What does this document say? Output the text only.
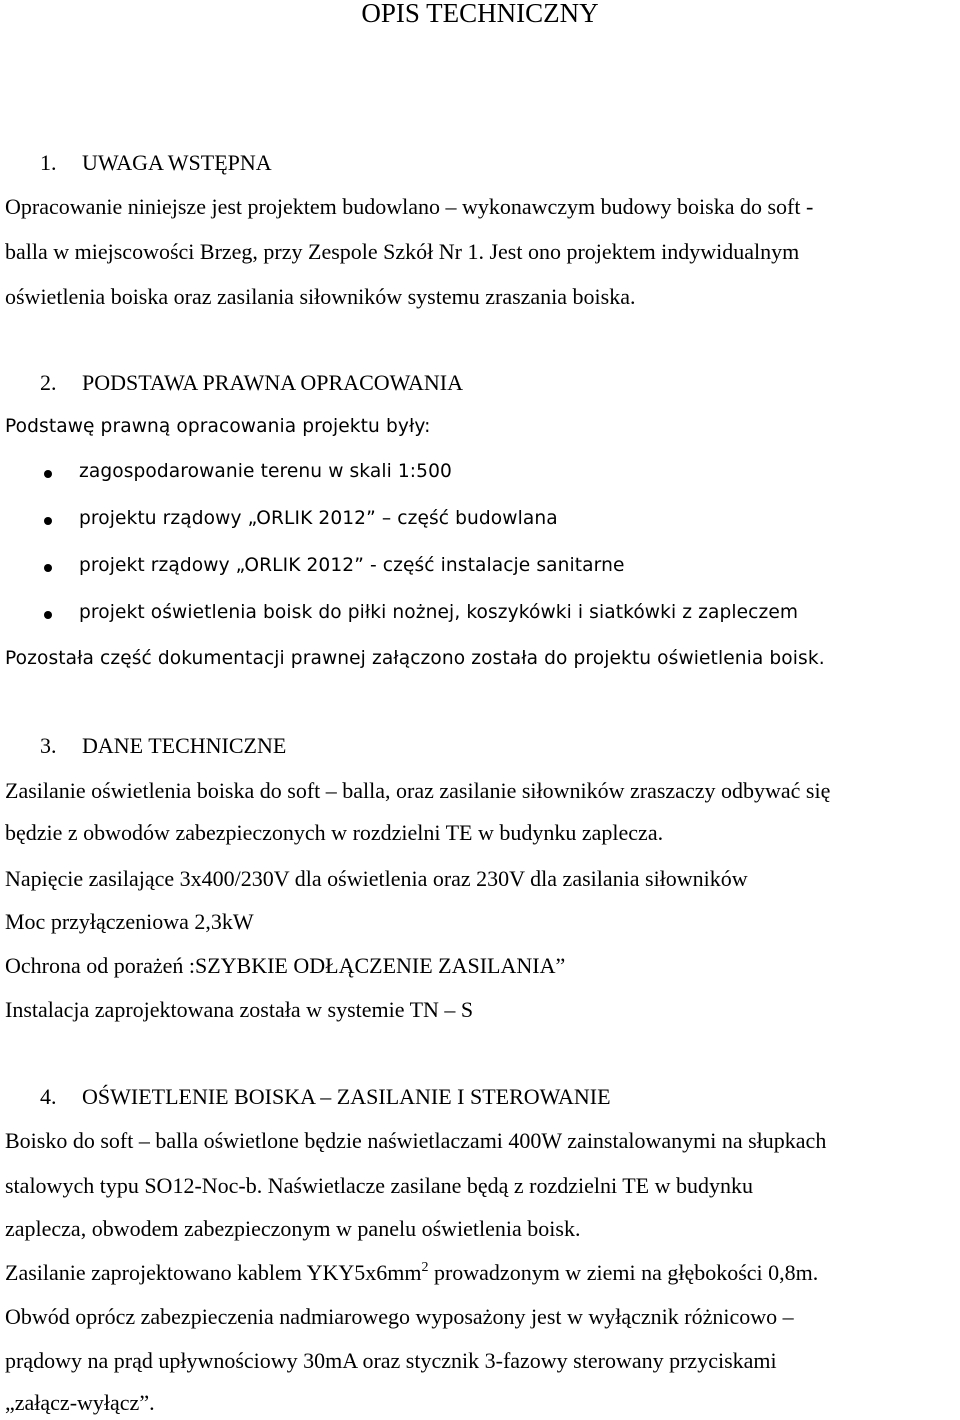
OPIS TECHNICZNY
1. UWAGA WSTĘPNA
Opracowanie niniejsze jest projektem budowlano – wykonawczym budowy boiska do soft -
balla w miejscowości Brzeg, przy Zespole Szkół Nr 1. Jest ono projektem indywidualnym
oświetlenia boiska oraz zasilania siłowników systemu zraszania boiska.
2. PODSTAWA PRAWNA OPRACOWANIA
Podstawę prawną opracowania projektu były:
zagospodarowanie terenu w skali 1:500
projektu rządowy „ORLIK 2012” – część budowlana
projekt rządowy „ORLIK 2012” - część instalacje sanitarne
projekt oświetlenia boisk do piłki nożnej, koszykówki i siatkówki z zapleczem
Pozostała część dokumentacji prawnej załączono została do projektu oświetlenia boisk.
3. DANE TECHNICZNE
Zasilanie oświetlenia boiska do soft – balla, oraz zasilanie siłowników zraszaczy odbywać się
będzie z obwodów zabezpieczonych w rozdzielni TE w budynku zaplecza.
Napięcie zasilające 3x400/230V dla oświetlenia oraz 230V dla zasilania siłowników
Moc przyłączeniowa 2,3kW
Ochrona od porażeń :SZYBKIE ODŁĄCZENIE ZASILANIA”
Instalacja zaprojektowana została w systemie TN – S
4. OŚWIETLENIE BOISKA – ZASILANIE I STEROWANIE
Boisko do soft – balla oświetlone będzie naświetlaczami 400W zainstalowanymi na słupkach
stalowych typu SO12-Noc-b. Naświetlacze zasilane będą z rozdzielni TE w budynku
zaplecza, obwodem zabezpieczonym w panelu oświetlenia boisk.
Zasilanie zaprojektowano kablem $YKY5x6mm^2$ prowadzonym w ziemi na głębokości 0,8m.
Obwód oprócz zabezpieczenia nadmiarowego wyposażony jest w wyłącznik różnicowo –
prądowy na prąd upływnościowy 30mA oraz stycznik 3-fazowy sterowany przyciskami
„załącz-wyłącz”.
